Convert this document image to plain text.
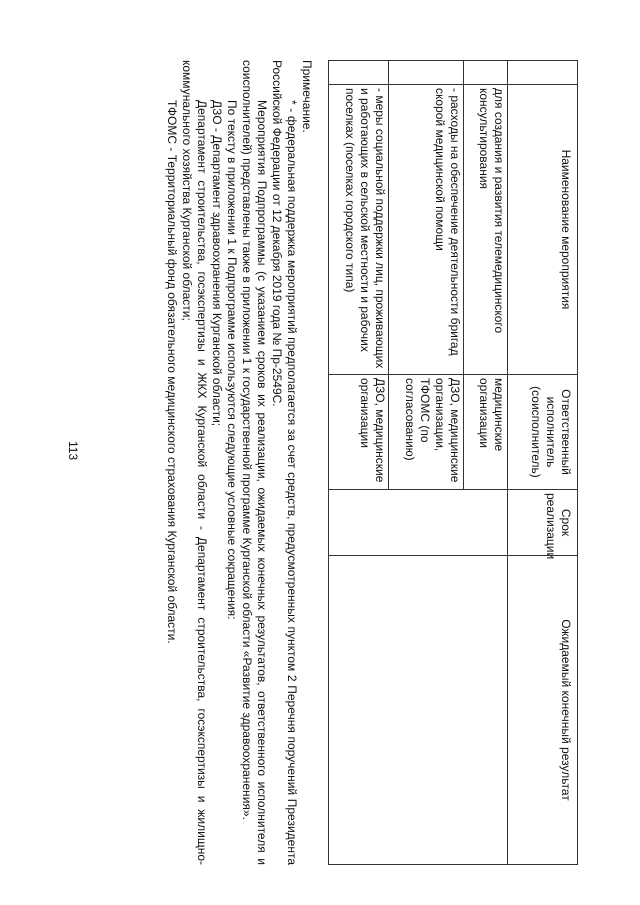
113
	Наименование мероприятия	Ответственный исполнитель (соисполнитель)	Срок реализации	Ожидаемый конечный результат
	для создания и развития телемедицинского консультирования	медицинские организации		
	- расходы на обеспечение деятельности бригад скорой медицинской помощи	ДЗО, медицинские организации, ТФОМС (по согласованию)		
	- меры социальной поддержки лиц, проживающих и работающих в сельской местности и рабочих поселках (поселках городского типа)	ДЗО, медицинские организации		

Примечание.

* - федеральная поддержка мероприятий предполагается за счет средств, предусмотренных пунктом 2 Перечня поручений Президента Российской Федерации от 12 декабря 2019 года № Пр-2549С.

Мероприятия Подпрограммы (с указанием сроков их реализации, ожидаемых конечных результатов, ответственного исполнителя и соисполнителей) представлены также в приложении 1 к государственной программе Курганской области «Развитие здравоохранения».

По тексту в приложении 1 к Подпрограмме используются следующие условные сокращения:

ДЗО - Департамент здравоохранения Курганской области;

Департамент строительства, госэкспертизы и ЖКХ Курганской области - Департамент строительства, госэкспертизы и жилищно-коммунального хозяйства Курганской области;

ТФОМС - Территориальный фонд обязательного медицинского страхования Курганской области.
